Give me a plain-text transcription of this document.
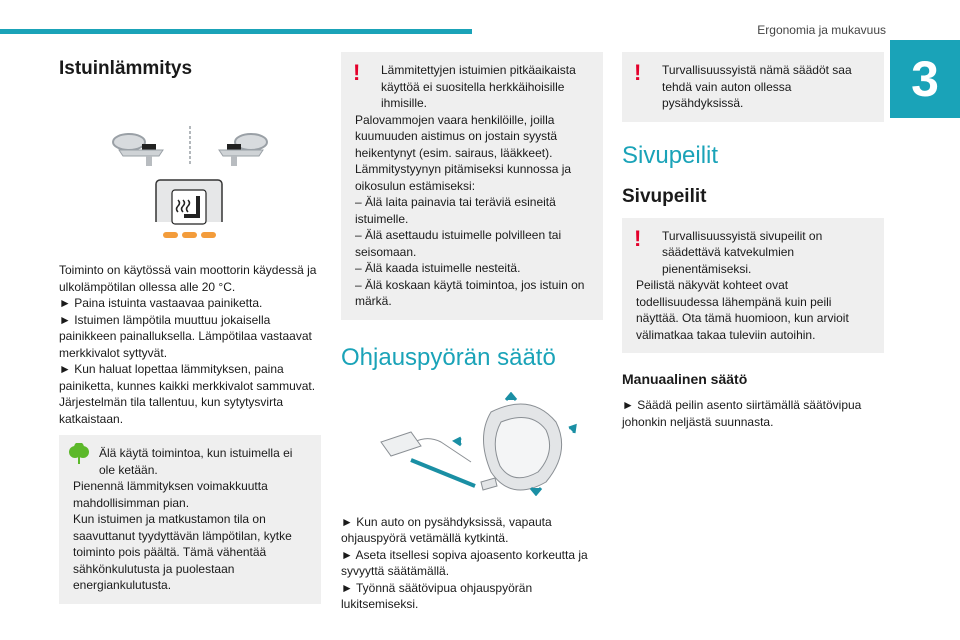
Ergonomia ja mukavuus
3
Istuinlämmitys

Toiminto on käytössä vain moottorin käydessä ja ulkolämpötilan ollessa alle 20 °C.

► Paina istuinta vastaavaa painiketta.

► Istuimen lämpötila muuttuu jokaisella painikkeen painalluksella. Lämpötilaa vastaavat merkkivalot syttyvät.

► Kun haluat lopettaa lämmityksen, paina painiketta, kunnes kaikki merkkivalot sammuvat.

Järjestelmän tila tallentuu, kun sytytysvirta katkaistaan.

Älä käytä toimintoa, kun istuimella ei ole ketään.

Pienennä lämmityksen voimakkuutta mahdollisimman pian.

Kun istuimen ja matkustamon tila on saavuttanut tyydyttävän lämpötilan, kytke toiminto pois päältä. Tämä vähentää sähkönkulutusta ja puolestaan energiankulutusta.

!	Lämmitettyjen istuimien pitkäaikaista käyttöä ei suositella herkkäihoisille ihmisille.

Palovammojen vaara henkilöille, joilla kuumuuden aistimus on jostain syystä heikentynyt (esim. sairaus, lääkkeet).

Lämmitystyynyn pitämiseksi kunnossa ja oikosulun estämiseksi:

– Älä laita painavia tai teräviä esineitä istuimelle.

– Älä asettaudu istuimelle polvilleen tai seisomaan.

– Älä kaada istuimelle nesteitä.

– Älä koskaan käytä toimintoa, jos istuin on märkä.

Ohjauspyörän säätö

► Kun auto on pysähdyksissä, vapauta ohjauspyörä vetämällä kytkintä.

► Aseta itsellesi sopiva ajoasento korkeutta ja syvyyttä säätämällä.

► Työnnä säätövipua ohjauspyörän lukitsemiseksi.

!	Turvallisuussyistä nämä säädöt saa tehdä vain auton ollessa pysähdyksissä.

Sivupeilit
Sivupeilit
!	Turvallisuussyistä sivupeilit on säädettävä katvekulmien pienentämiseksi.

Peilistä näkyvät kohteet ovat todellisuudessa lähempänä kuin peili näyttää. Ota tämä huomioon, kun arvioit välimatkaa takaa tuleviin autoihin.

Manuaalinen säätö

► Säädä peilin asento siirtämällä säätövipua johonkin neljästä suunnasta.
